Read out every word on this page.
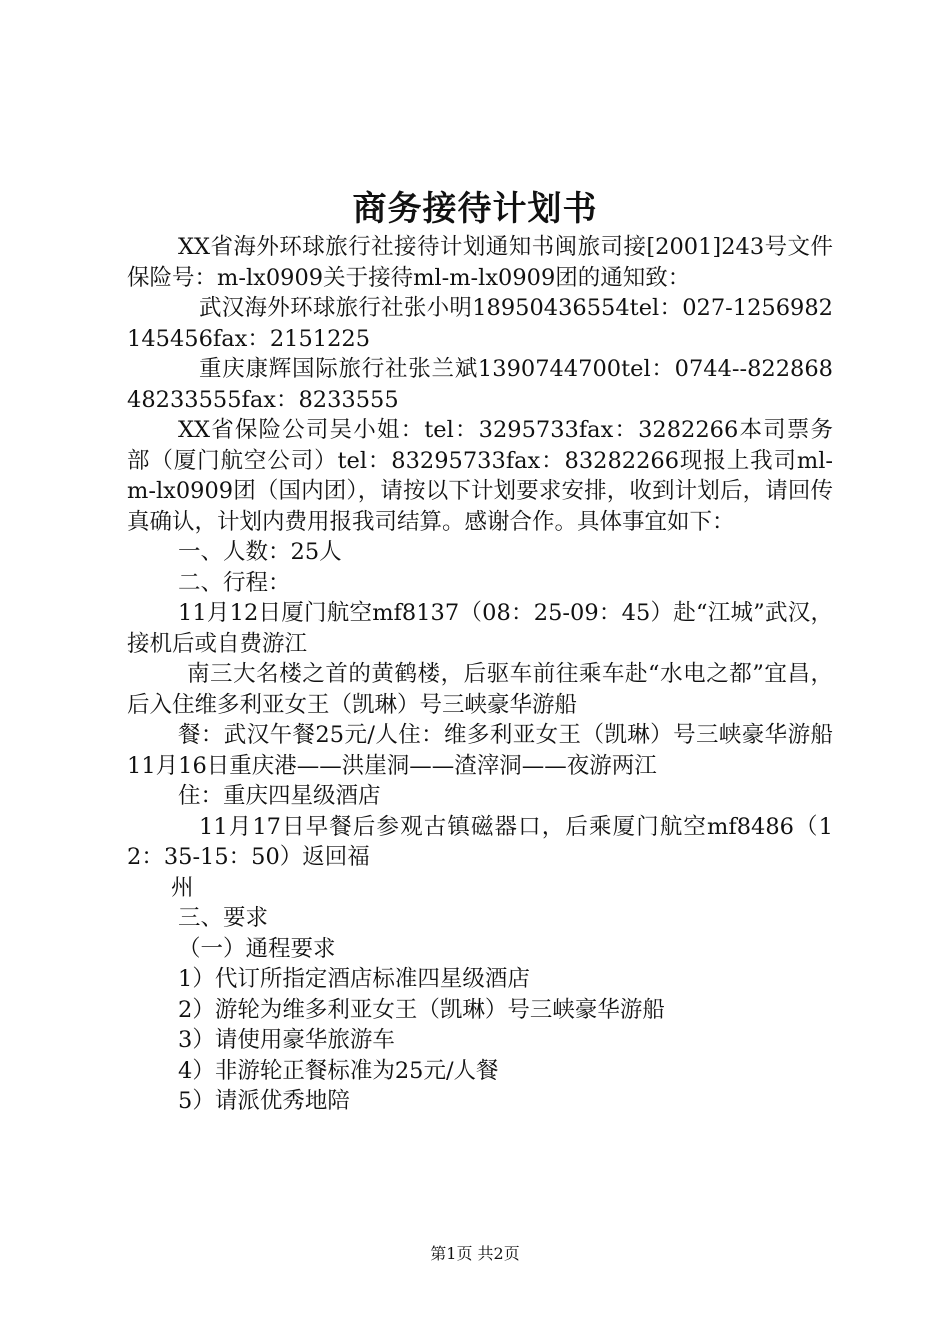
商务接待计划书

XX省海外环球旅行社接待计划通知书闽旅司接[2001]243号文件保险号：m-lx0909关于接待ml-m-lx0909团的通知致：

武汉海外环球旅行社张小明18950436554tel：027-1256982145456fax：2151225

重庆康辉国际旅行社张兰斌1390744700tel：0744--82286848233555fax：8233555

XX省保险公司吴小姐：tel：3295733fax：3282266本司票务部（厦门航空公司）tel：83295733fax：83282266现报上我司ml-m-lx0909团（国内团），请按以下计划要求安排，收到计划后，请回传真确认，计划内费用报我司结算。感谢合作。具体事宜如下：

一、人数：25人

二、行程：

11月12日厦门航空mf8137（08：25-09：45）赴“江城”武汉，接机后或自费游江

南三大名楼之首的黄鹤楼，后驱车前往乘车赴“水电之都”宜昌，后入住维多利亚女王（凯琳）号三峡豪华游船

餐：武汉午餐25元/人住：维多利亚女王（凯琳）号三峡豪华游船11月16日重庆港——洪崖洞——渣滓洞——夜游两江

住：重庆四星级酒店

11月17日早餐后参观古镇磁器口，后乘厦门航空mf8486（12：35-15：50）返回福

州

三、要求

（一）通程要求

1）代订所指定酒店标准四星级酒店

2）游轮为维多利亚女王（凯琳）号三峡豪华游船

3）请使用豪华旅游车

4）非游轮正餐标准为25元/人餐

5）请派优秀地陪

第1页 共2页
